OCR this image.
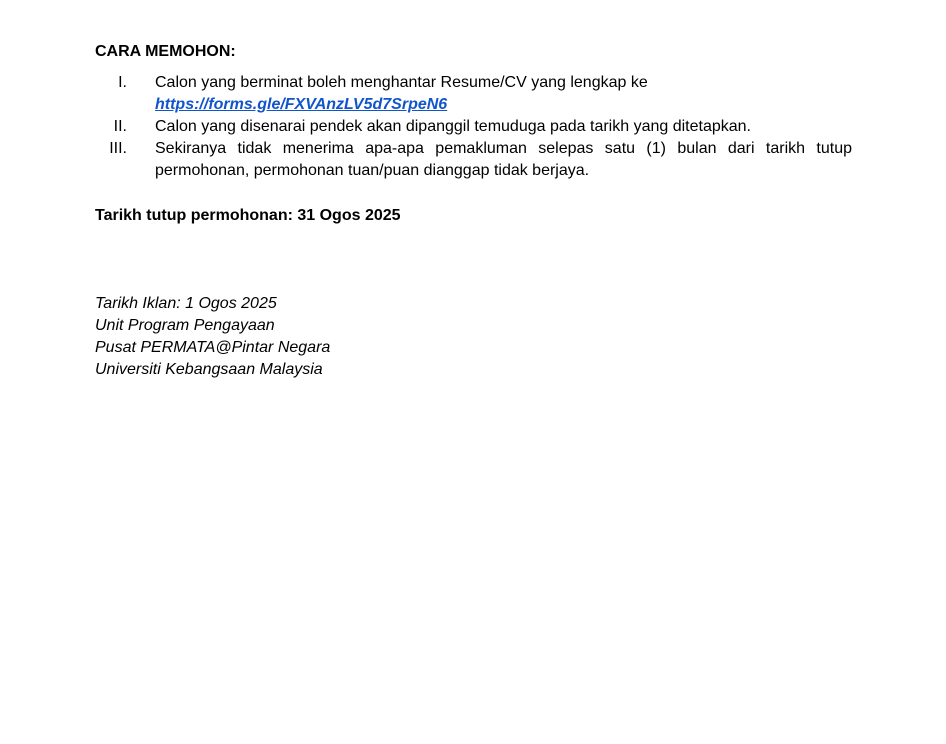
CARA MEMOHON:
I. Calon yang berminat boleh menghantar Resume/CV yang lengkap ke
https://forms.gle/FXVAnzLV5d7SrpeN6
II. Calon yang disenarai pendek akan dipanggil temuduga pada tarikh yang ditetapkan.
III. Sekiranya tidak menerima apa-apa pemakluman selepas satu (1) bulan dari tarikh tutup permohonan, permohonan tuan/puan dianggap tidak berjaya.
Tarikh tutup permohonan: 31 Ogos 2025
Tarikh Iklan: 1 Ogos 2025
Unit Program Pengayaan
Pusat PERMATA@Pintar Negara
Universiti Kebangsaan Malaysia
